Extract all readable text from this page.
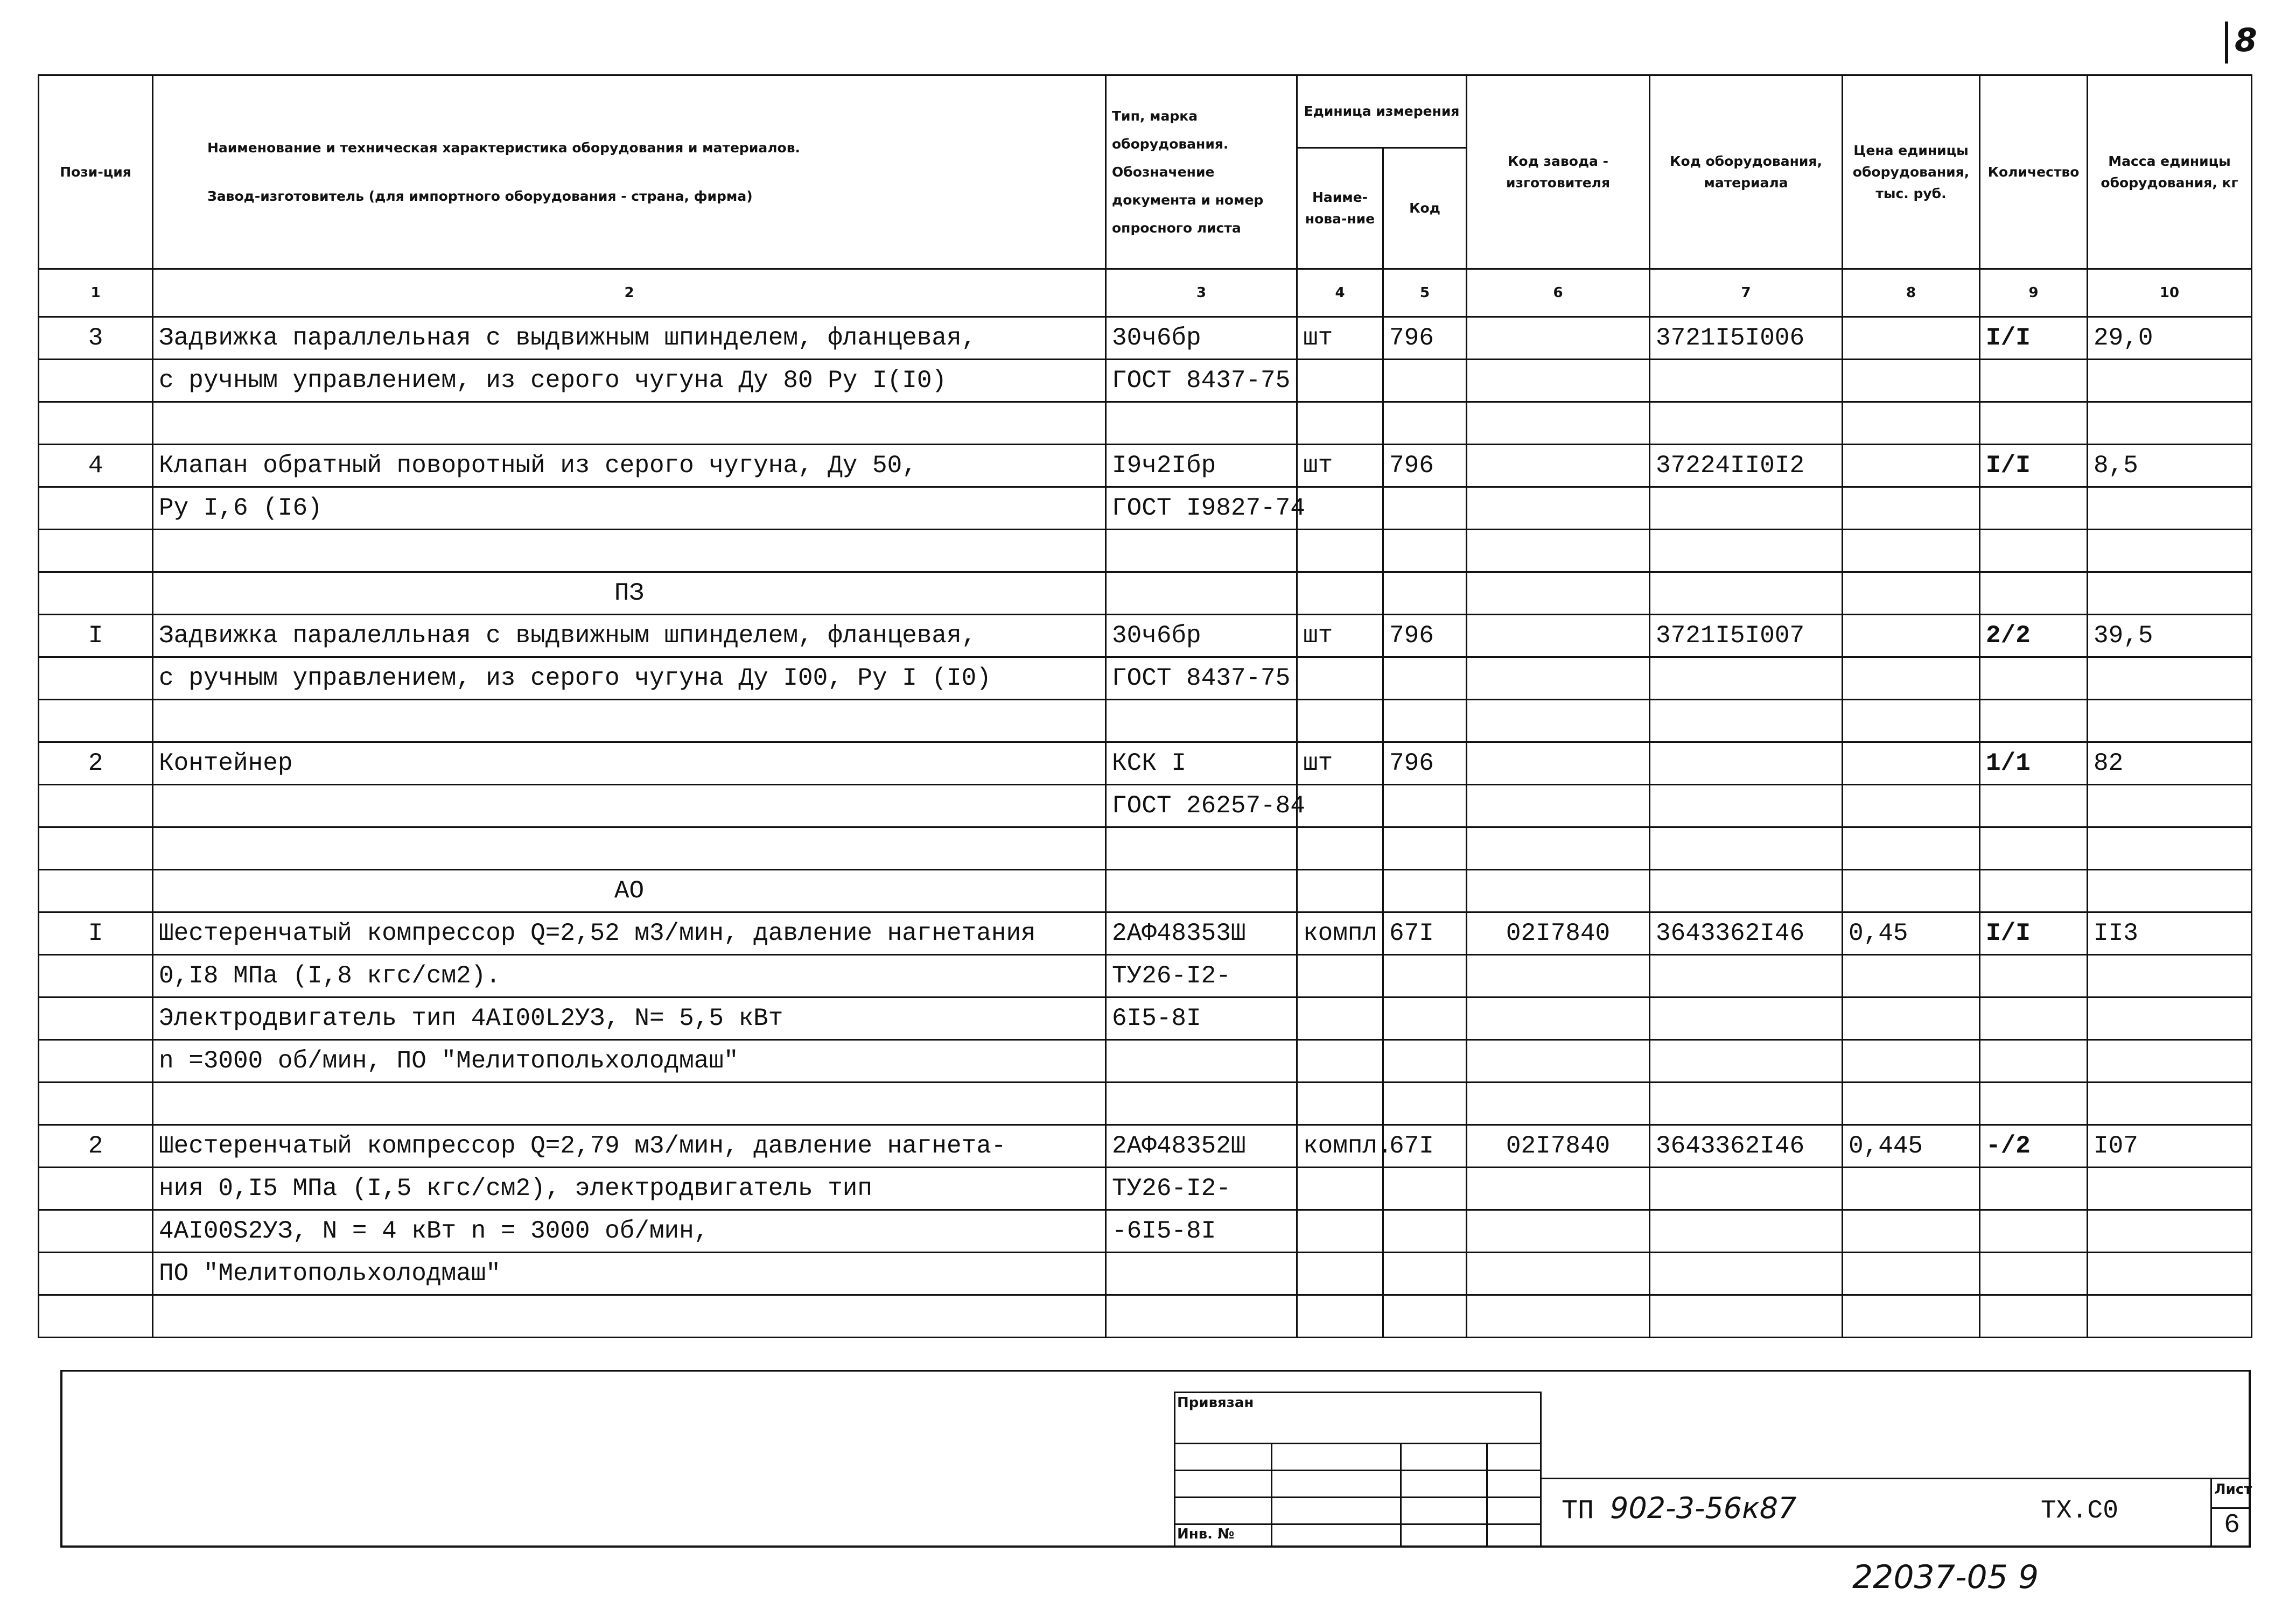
8
Пози-ция	Наименование и техническая характеристика оборудования и материалов.
Завод-изготовитель (для импортного оборудования - страна, фирма)	Тип, марка оборудования. Обозначение документа и номер опросного листа	Единица измерения		Код завода - изготовителя	Код оборудования, материала	Цена единицы оборудования, тыс. руб.	Количество	Масса единицы оборудования, кг
			Наиме-нова-ние	Код					
1	2	3	4	5	6	7	8	9	10
3	Задвижка параллельная с выдвижным шпинделем, фланцевая,	30ч6бр	шт	796		3721I5I006		I/I	29,0
	с ручным управлением, из серого чугуна Ду 80 Ру I(I0)	ГОСТ 8437-75							

4	Клапан обратный поворотный из серого чугуна, Ду 50,	I9ч2Iбр	шт	796		37224II0I2		I/I	8,5
	Ру I,6 (I6)	ГОСТ I9827-74							

	ПЗ								
I	Задвижка паралелльная с выдвижным шпинделем, фланцевая,	30ч6бр	шт	796		3721I5I007		2/2	39,5
	с ручным управлением, из серого чугуна Ду I00, Ру I (I0)	ГОСТ 8437-75							

2	Контейнер	КСК I	шт	796				1/1	82
		ГОСТ 26257-84							

	АО								
I	Шестеренчатый компрессор Q=2,52 м3/мин, давление нагнетания	2АФ48353Ш	компл	67I	02I7840	3643362I46	0,45	I/I	II3
	0,I8 МПа (I,8 кгс/см2).	ТУ26-I2-							
	Электродвигатель тип 4АI00L2УЗ, N= 5,5 кВт	6I5-8I							
	n =3000 об/мин, ПО "Мелитопольхолодмаш"								

2	Шестеренчатый компрессор Q=2,79 м3/мин, давление нагнета-	2АФ48352Ш	компл.	67I	02I7840	3643362I46	0,445	-/2	I07
	ния 0,I5 МПа (I,5 кгс/см2), электродвигатель тип	ТУ26-I2-							
	4АI00S2УЗ, N = 4 кВт n = 3000 об/мин,	-6I5-8I							
	ПО "Мелитопольхолодмаш"								

Привязан
Инв. №
ТП 902-3-56к87	ТХ.С0
Лист
6
22037-05 9
